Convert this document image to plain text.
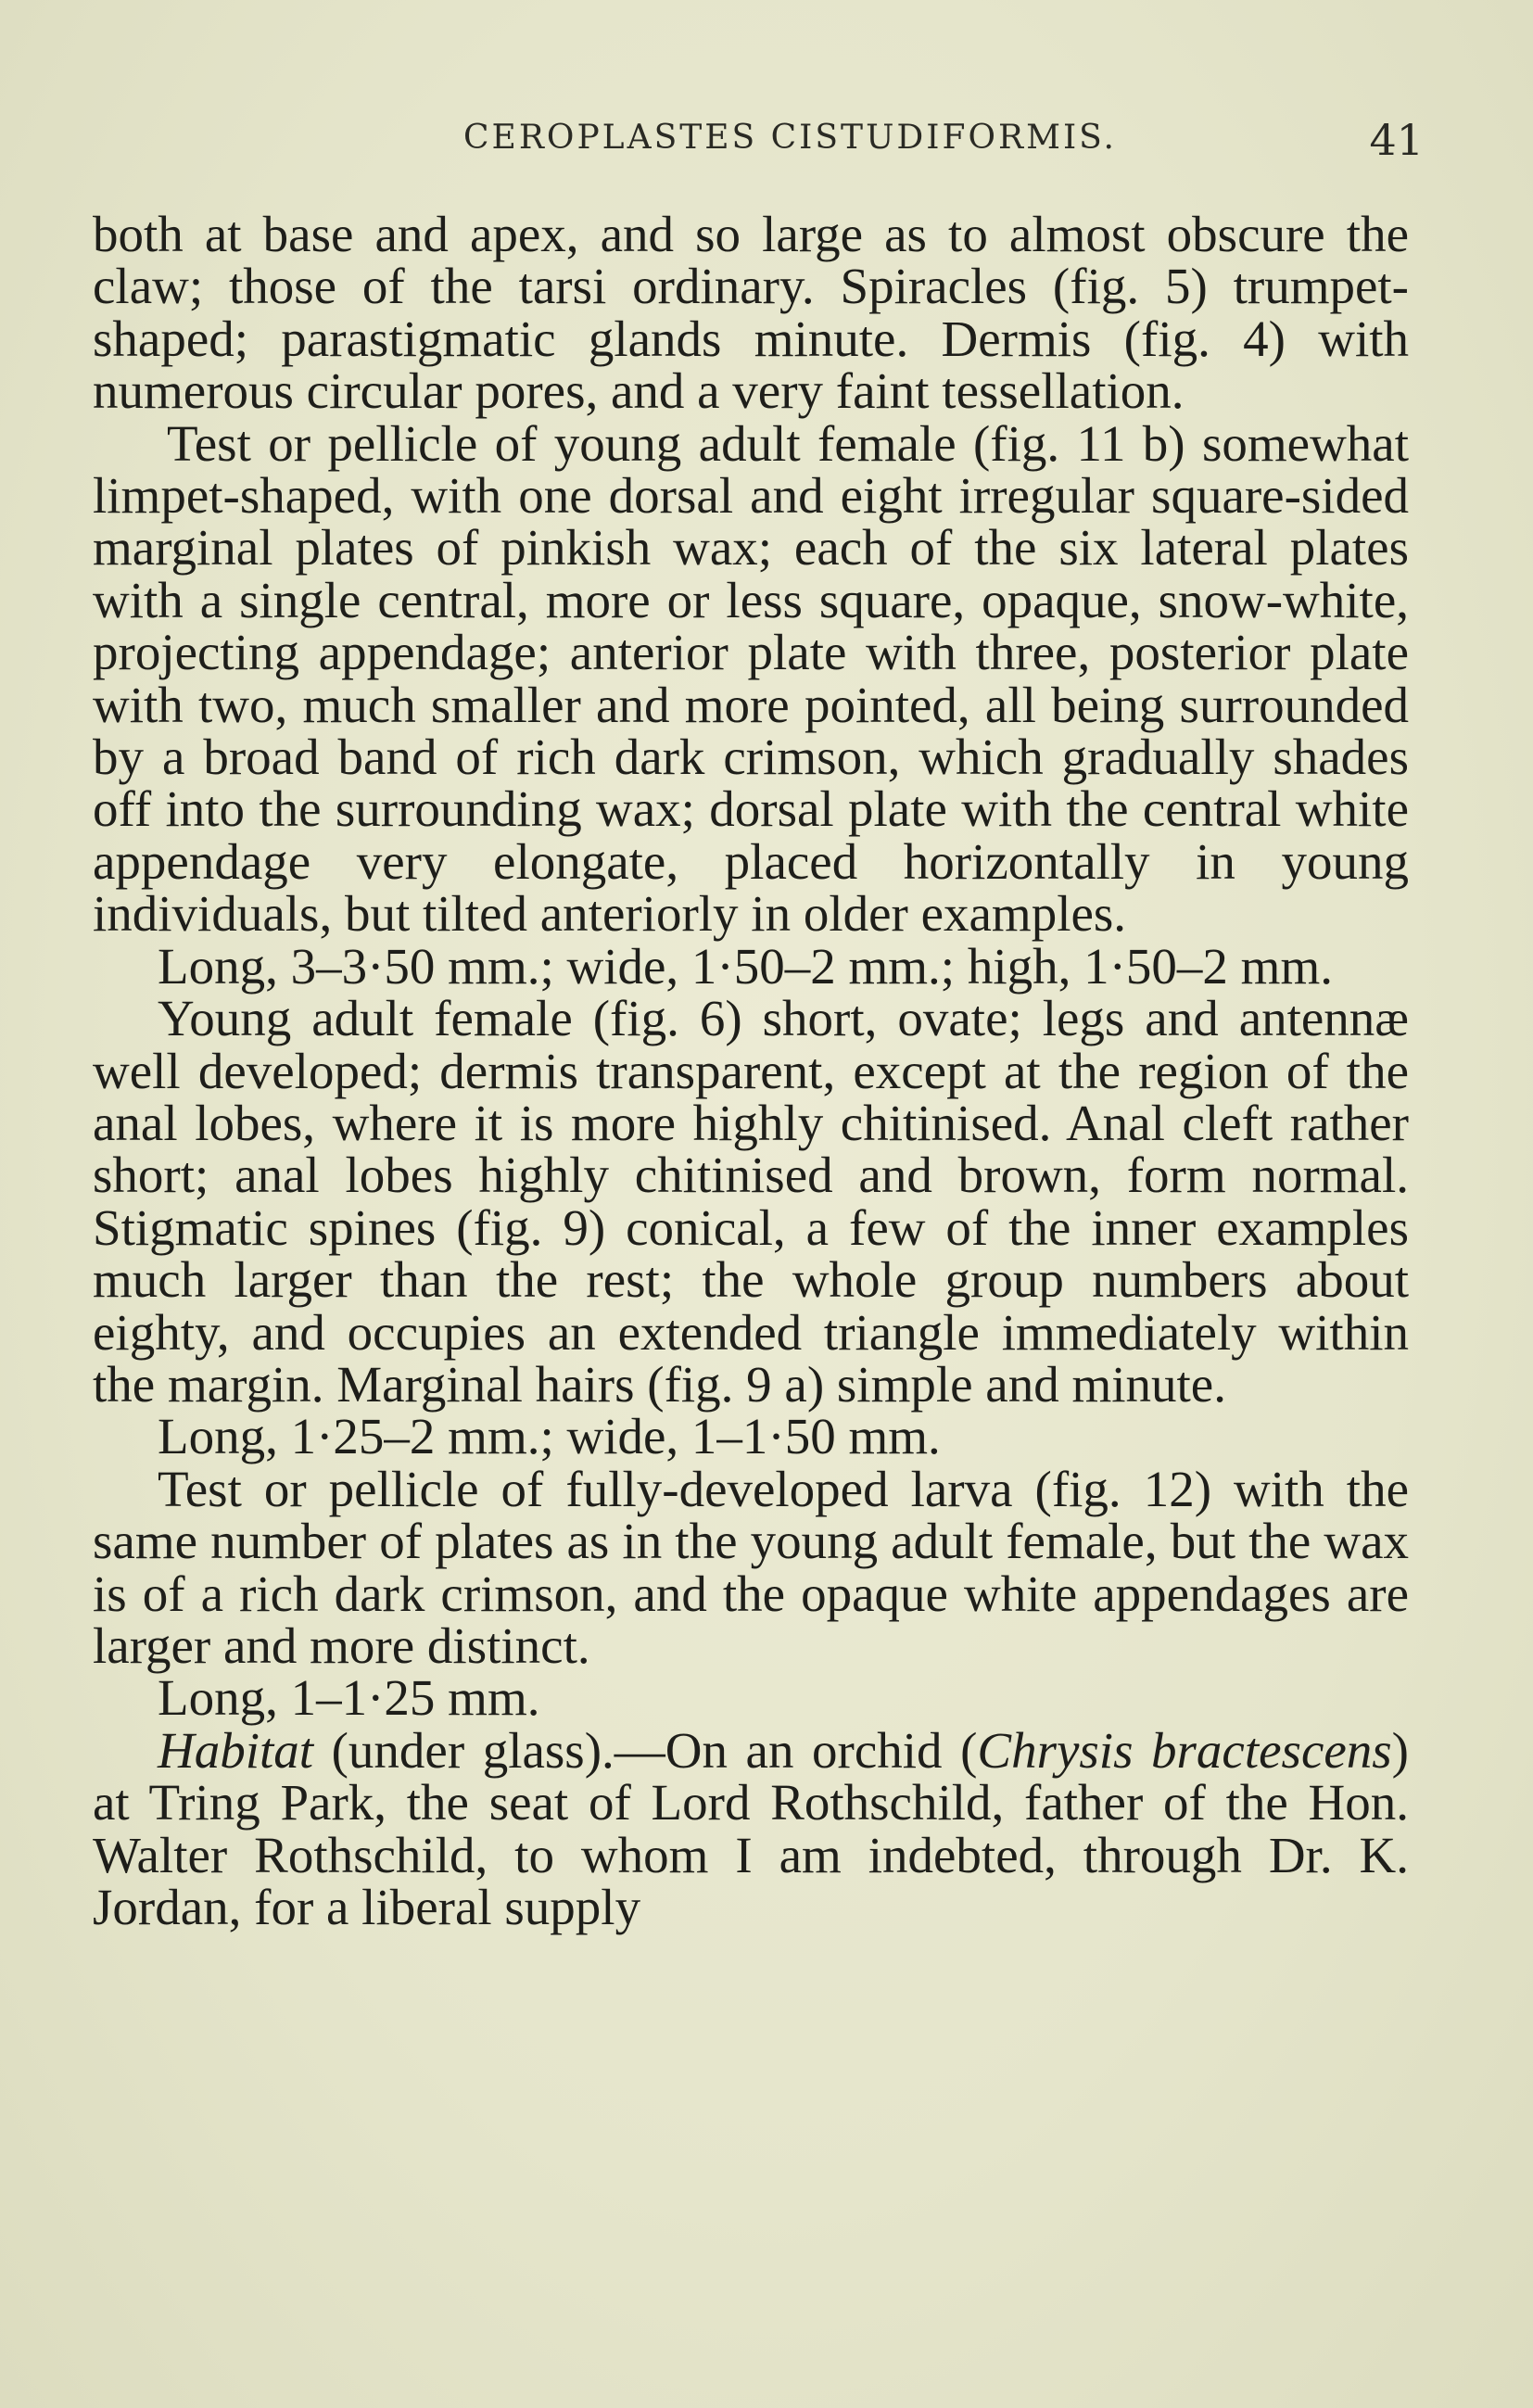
CEROPLASTES CISTUDIFORMIS.	41

both at base and apex, and so large as to almost obscure the claw; those of the tarsi ordinary. Spiracles (fig. 5) trumpet-shaped; parastigmatic glands minute. Dermis (fig. 4) with numerous circular pores, and a very faint tessellation.

Test or pellicle of young adult female (fig. 11 b) somewhat limpet-shaped, with one dorsal and eight irregular square-sided marginal plates of pinkish wax; each of the six lateral plates with a single central, more or less square, opaque, snow-white, projecting appendage; anterior plate with three, posterior plate with two, much smaller and more pointed, all being surrounded by a broad band of rich dark crimson, which gradually shades off into the surrounding wax; dorsal plate with the central white appendage very elongate, placed horizontally in young individuals, but tilted anteriorly in older examples.

Long, 3–3·50 mm.; wide, 1·50–2 mm.; high, 1·50–2 mm.

Young adult female (fig. 6) short, ovate; legs and antennæ well developed; dermis transparent, except at the region of the anal lobes, where it is more highly chitinised. Anal cleft rather short; anal lobes highly chitinised and brown, form normal. Stigmatic spines (fig. 9) conical, a few of the inner examples much larger than the rest; the whole group numbers about eighty, and occupies an extended triangle immediately within the margin. Marginal hairs (fig. 9 a) simple and minute.

Long, 1·25–2 mm.; wide, 1–1·50 mm.

Test or pellicle of fully-developed larva (fig. 12) with the same number of plates as in the young adult female, but the wax is of a rich dark crimson, and the opaque white appendages are larger and more distinct.

Long, 1–1·25 mm.

Habitat (under glass).—On an orchid (Chrysis bractescens) at Tring Park, the seat of Lord Rothschild, father of the Hon. Walter Rothschild, to whom I am indebted, through Dr. K. Jordan, for a liberal supply
